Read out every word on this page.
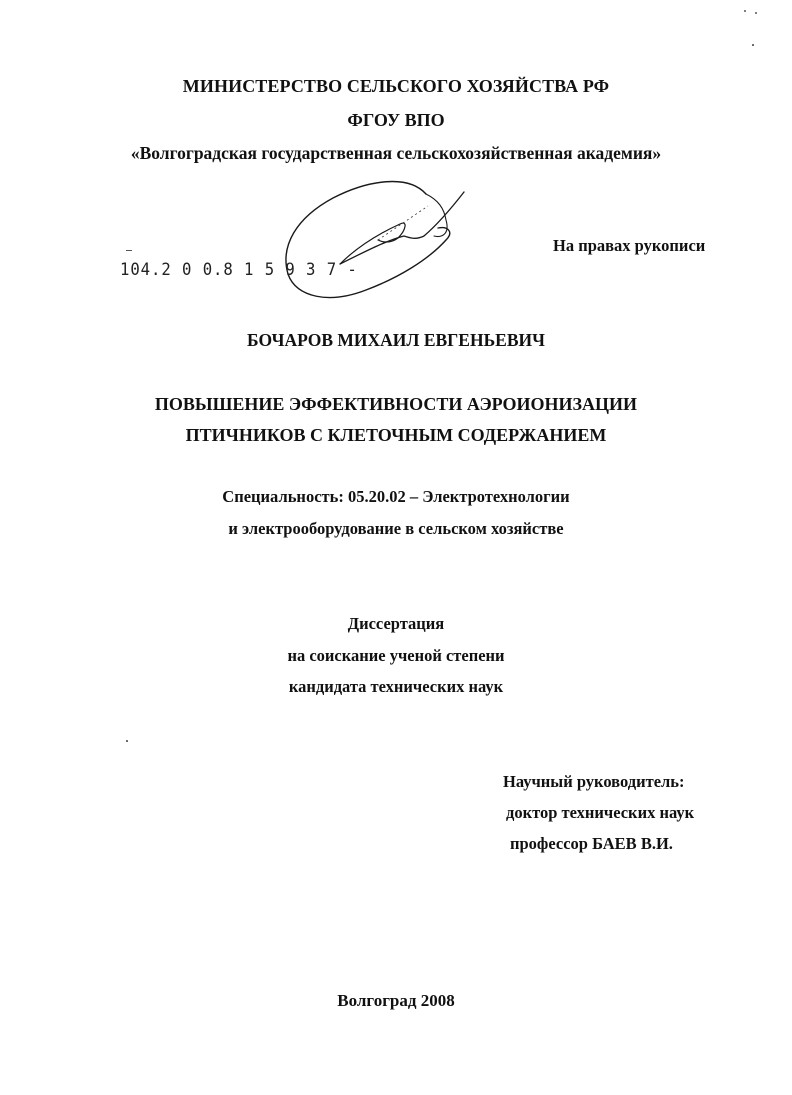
МИНИСТЕРСТВО СЕЛЬСКОГО ХОЗЯЙСТВА РФ
ФГОУ ВПО
«Волгоградская государственная сельскохозяйственная академия»
На правах рукописи
104.2 0 0.8 1 5 9 3 7 -
БОЧАРОВ МИХАИЛ ЕВГЕНЬЕВИЧ
ПОВЫШЕНИЕ ЭФФЕКТИВНОСТИ АЭРОИОНИЗАЦИИ
ПТИЧНИКОВ С КЛЕТОЧНЫМ СОДЕРЖАНИЕМ
Специальность: 05.20.02 – Электротехнологии
и электрооборудование в сельском хозяйстве
Диссертация
на соискание ученой степени
кандидата технических наук
Научный руководитель:
доктор технических наук
профессор БАЕВ В.И.
Волгоград 2008
